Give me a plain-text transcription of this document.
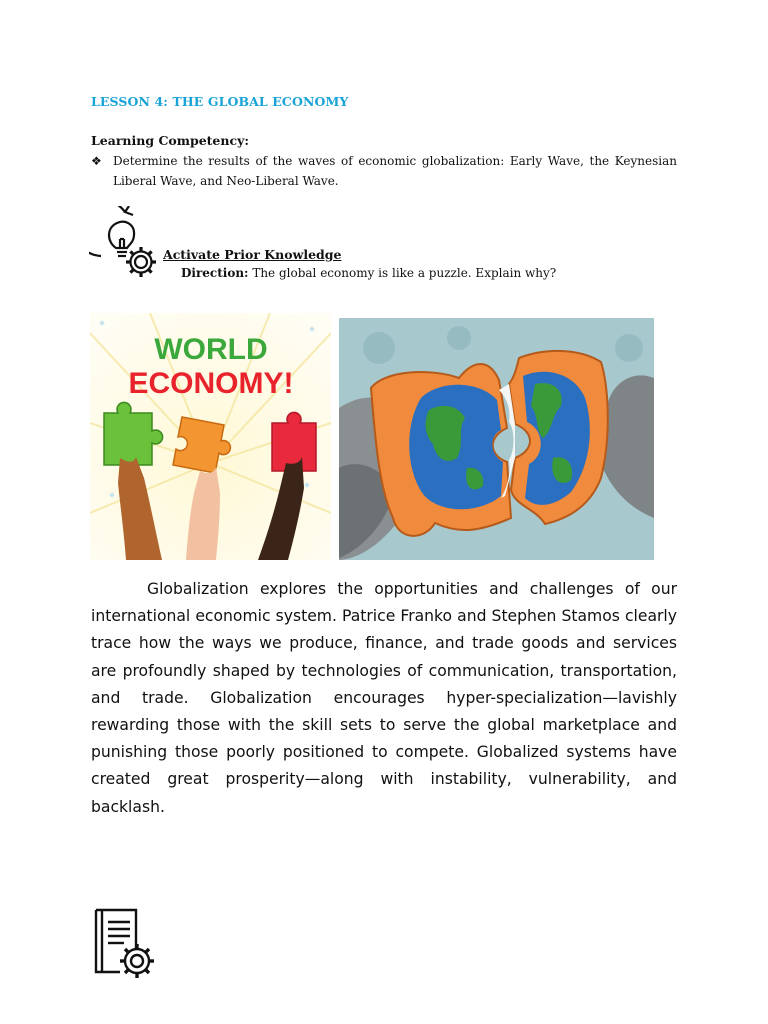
LESSON 4: THE GLOBAL ECONOMY
Learning Competency:
❖ Determine the results of the waves of economic globalization: Early Wave, the Keynesian Liberal Wave, and Neo-Liberal Wave.
Activate Prior Knowledge
Direction: The global economy is like a puzzle. Explain why?
WORLD
ECONOMY!
Globalization explores the opportunities and challenges of our international economic system. Patrice Franko and Stephen Stamos clearly trace how the ways we produce, finance, and trade goods and services are profoundly shaped by technologies of communication, transportation, and trade. Globalization encourages hyper-specialization—lavishly rewarding those with the skill sets to serve the global marketplace and punishing those poorly positioned to compete. Globalized systems have created great prosperity—along with instability, vulnerability, and backlash.
